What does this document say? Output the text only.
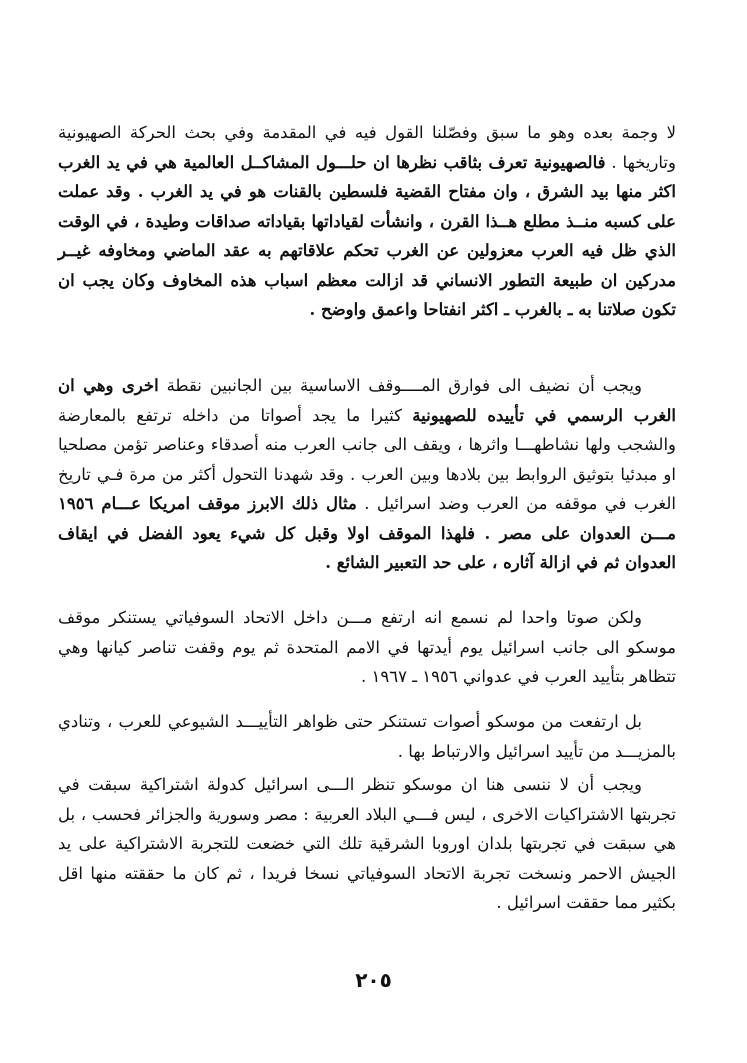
لا وجمة بعده وهو ما سبق وفصّلنا القول فيه في المقدمة وفي بحث الحركة الصهيونية وتاريخها . فالصهيونية تعرف بثاقب نظرها ان حلـــول المشاكــل العالمية هي في يد الغرب اكثر منها بيد الشرق ، وان مفتاح القضية فلسطين بالقنات هو في يد الغرب . وقد عملت على كسبه منــذ مطلع هــذا القرن ، وانشأت لقياداتها بقياداته صداقات وطيدة ، في الوقت الذي ظل فيه العرب معزولين عن الغرب تحكم علاقاتهم به عقد الماضي ومخاوفه غيــر مدركين ان طبيعة التطور الانساني قد ازالت معظم اسباب هذه المخاوف وكان يجب ان تكون صلاتنا به ـ بالغرب ـ اكثر انفتاحا واعمق واوضح .
ويجب أن نضيف الى فوارق المــــوقف الاساسية بين الجانبين نقطة اخرى وهي ان الغرب الرسمي في تأييده للصهيونية كثيرا ما يجد أصواتا من داخله ترتفع بالمعارضة والشجب ولها نشاطهـــا واثرها ، ويقف الى جانب العرب منه أصدقاء وعناصر تؤمن مصلحيا او مبدئيا بتوثيق الروابط بين بلادها وبين العرب . وقد شهدنا التحول أكثر من مرة فـي تاريخ الغرب في موقفه من العرب وضد اسرائيل . مثال ذلك الابرز موقف امريكا عـــام ١٩٥٦ مـــن العدوان على مصر . فلهذا الموقف اولا وقبل كل شيء يعود الفضل في ايقاف العدوان ثم في ازالة آثاره ، على حد التعبير الشائع .
ولكن صوتا واحدا لم نسمع انه ارتفع مـــن داخل الاتحاد السوفياتي يستنكر موقف موسكو الى جانب اسرائيل يوم أيدتها في الامم المتحدة ثم يوم وقفت تناصر كيانها وهي تتظاهر بتأييد العرب في عدواني ١٩٥٦ ـ ١٩٦٧ .
بل ارتفعت من موسكو أصوات تستنكر حتى ظواهر التأييـــد الشيوعي للعرب ، وتنادي بالمزيـــد من تأييد اسرائيل والارتباط بها .
ويجب أن لا ننسى هنا ان موسكو تنظر الـــى اسرائيل كدولة اشتراكية سبقت في تجربتها الاشتراكيات الاخرى ، ليس فـــي البلاد العربية : مصر وسورية والجزائر فحسب ، بل هي سبقت في تجربتها بلدان اوروبا الشرقية تلك التي خضعت للتجربة الاشتراكية على يد الجيش الاحمر ونسخت تجربة الاتحاد السوفياتي نسخا فريدا ، ثم كان ما حققته منها اقل بكثير مما حققت اسرائيل .
٢٠٥
